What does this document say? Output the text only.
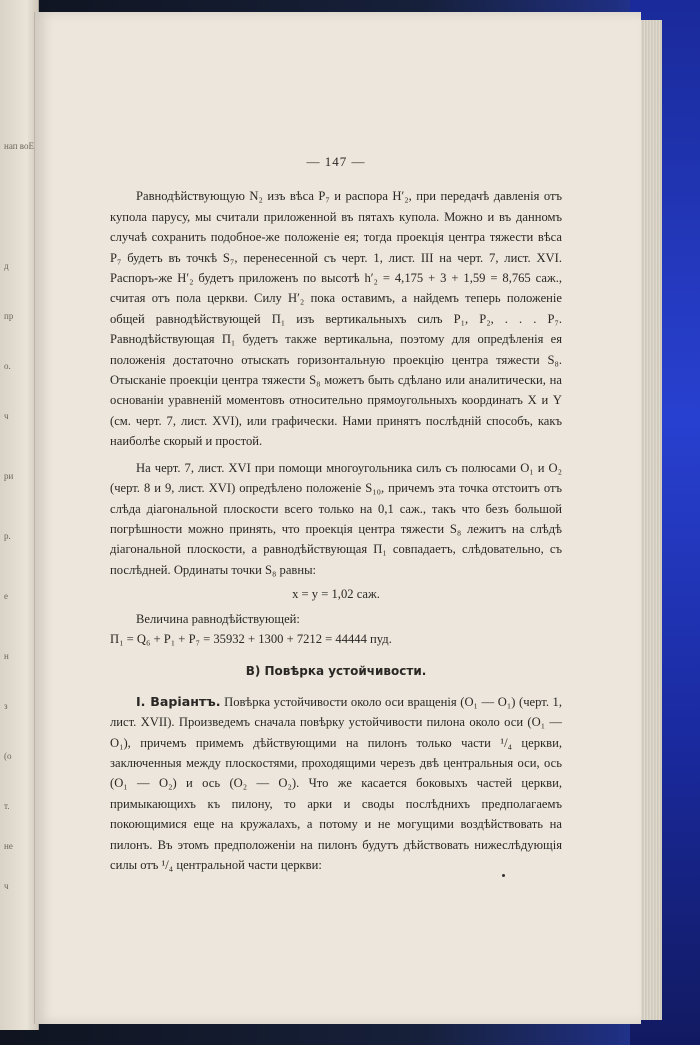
нап воЕ
д
пр
о.
ч
ри
р.
е
н
з
(о
т.
не
ч
— 147 —

Равнодѣйствующую N₂ изъ вѣса P₇ и распора H′₂, при передачѣ давленія отъ купола парусу, мы считали приложенной въ пятахъ купола. Можно и въ данномъ случаѣ сохранить подобное-же положеніе ея; тогда проекція центра тяжести вѣса P₇ будетъ въ точкѣ S₇, перенесенной съ черт. 1, лист. III на черт. 7, лист. XVI. Распоръ-же H′₂ будетъ приложенъ по высотѣ h′₂ = 4,175 + 3 + 1,59 = 8,765 саж., считая отъ пола церкви. Силу H′₂ пока оставимъ, а найдемъ теперь положеніе общей равнодѣйствующей Π₁ изъ вертикальныхъ силъ P₁, P₂, . . . P₇. Равнодѣйствующая Π₁ будетъ также вертикальна, поэтому для опредѣленія ея положенія достаточно отыскать горизонтальную проекцію центра тяжести S₈. Отысканіе проекціи центра тяжести S₈ можетъ быть сдѣлано или аналитически, на основаніи уравненій моментовъ относительно прямоугольныхъ координатъ X и Y (см. черт. 7, лист. XVI), или графически. Нами принятъ послѣдній способъ, какъ наиболѣе скорый и простой.

На черт. 7, лист. XVI при помощи многоугольника силъ съ полюсами O₁ и O₂ (черт. 8 и 9, лист. XVI) опредѣлено положеніе S₁₀, причемъ эта точка отстоитъ отъ слѣда діагональной плоскости всего только на 0,1 саж., такъ что безъ большой погрѣшности можно принять, что проекція центра тяжести S₈ лежитъ на слѣдѣ діагональной плоскости, а равнодѣйствующая Π₁ совпадаетъ, слѣдовательно, съ послѣдней. Ординаты точки S₈ равны:

x = y = 1,02 саж.

Величина равнодѣйствующей:

Π₁ = Q₆ + P₁ + P₇ = 35932 + 1300 + 7212 = 44444 пуд.

B) Повѣрка устойчивости.

I. Варіантъ. Повѣрка устойчивости около оси вращенія (O₁ — O₁) (черт. 1, лист. XVII). Произведемъ сначала повѣрку устойчивости пилона около оси (O₁ — O₁), причемъ примемъ дѣйствующими на пилонъ только части ¹/₄ церкви, заключенныя между плоскостями, проходящими черезъ двѣ центральныя оси, ось (O₁ — O₂) и ось (O₂ — O₂). Что же касается боковыхъ частей церкви, примыкающихъ къ пилону, то арки и своды послѣднихъ предполагаемъ покоющимися еще на кружалахъ, а потому и не могущими воздѣйствовать на пилонъ. Въ этомъ предположеніи на пилонъ будутъ дѣйствовать нижеслѣдующія силы отъ ¹/₄ центральной части церкви:
